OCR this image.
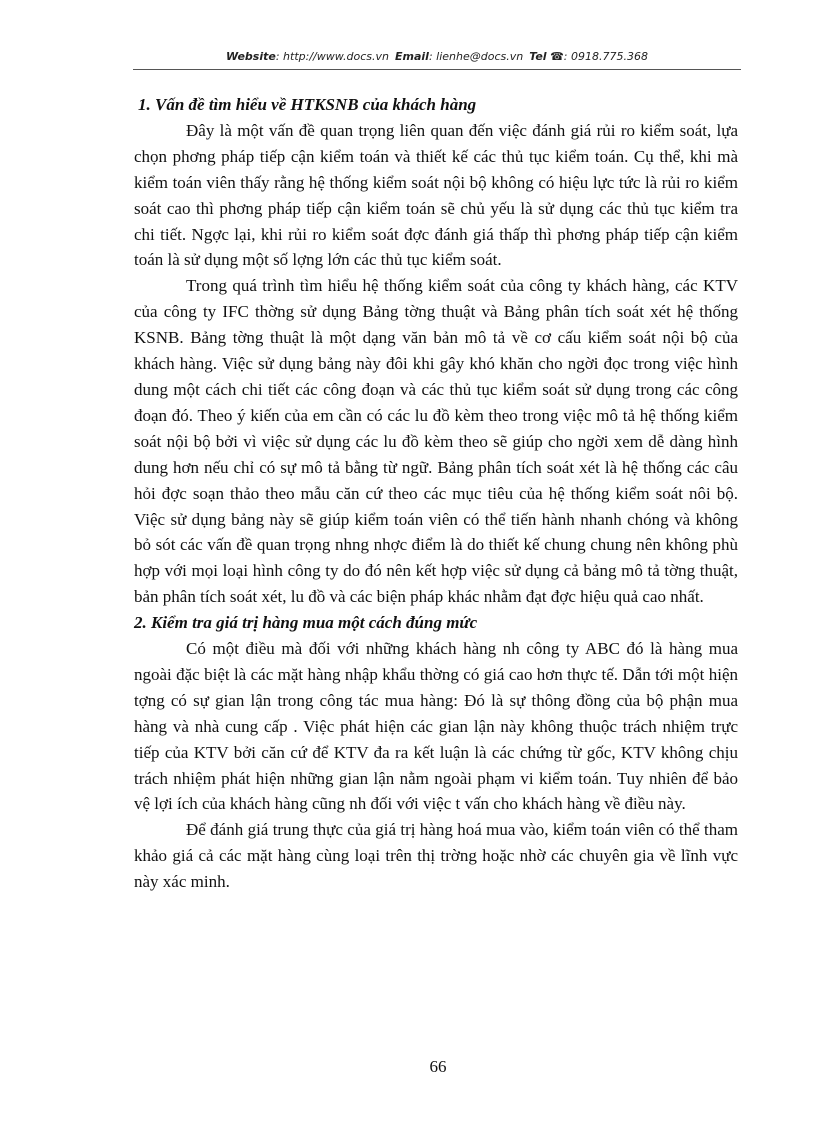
Website: http://www.docs.vn Email: lienhe@docs.vn Tel ☎: 0918.775.368
1. Vấn đề tìm hiểu về HTKSNB của khách hàng

Đây là một vấn đề quan trọng liên quan đến việc đánh giá rủi ro kiểm soát, lựa chọn phơng pháp tiếp cận kiểm toán và thiết kế các thủ tục kiểm toán. Cụ thể, khi mà kiểm toán viên thấy rằng hệ thống kiểm soát nội bộ không có hiệu lực tức là rủi ro kiểm soát cao thì phơng pháp tiếp cận kiểm toán sẽ chủ yếu là sử dụng các thủ tục kiểm tra chi tiết. Ngợc lại, khi rủi ro kiểm soát đợc đánh giá thấp thì phơng pháp tiếp cận kiểm toán là sử dụng một số lợng lớn các thủ tục kiểm soát.

Trong quá trình tìm hiểu hệ thống kiểm soát của công ty khách hàng, các KTV của công ty IFC thờng sử dụng Bảng tờng thuật và Bảng phân tích soát xét hệ thống KSNB. Bảng tờng thuật là một dạng văn bản mô tả về cơ cấu kiểm soát nội bộ của khách hàng. Việc sử dụng bảng này đôi khi gây khó khăn cho ngời đọc trong việc hình dung một cách chi tiết các công đoạn và các thủ tục kiểm soát sử dụng trong các công đoạn đó. Theo ý kiến của em cần có các lu đồ kèm theo trong việc mô tả hệ thống kiểm soát nội bộ bởi vì việc sử dụng các lu đồ kèm theo sẽ giúp cho ngời xem dễ dàng hình dung hơn nếu chỉ có sự mô tả bằng từ ngữ. Bảng phân tích soát xét là hệ thống các câu hỏi đợc soạn thảo theo mẫu căn cứ theo các mục tiêu của hệ thống kiểm soát nôi bộ. Việc sử dụng bảng này sẽ giúp kiểm toán viên có thể tiến hành nhanh chóng và không bỏ sót các vấn đề quan trọng nhng nhợc điểm là do thiết kế chung chung nên không phù hợp với mọi loại hình công ty do đó nên kết hợp việc sử dụng cả bảng mô tả tờng thuật, bản phân tích soát xét, lu đồ và các biện pháp khác nhằm đạt đợc hiệu quả cao nhất.

2. Kiểm tra giá trị hàng mua một cách đúng mức

Có một điều mà đối với những khách hàng nh công ty ABC đó là hàng mua ngoài đặc biệt là các mặt hàng nhập khẩu thờng có giá cao hơn thực tế. Dẫn tới một hiện tợng có sự gian lận trong công tác mua hàng: Đó là sự thông đồng của bộ phận mua hàng và nhà cung cấp . Việc phát hiện các gian lận này không thuộc trách nhiệm trực tiếp của KTV bởi căn cứ để KTV đa ra kết luận là các chứng từ gốc, KTV không chịu trách nhiệm phát hiện những gian lận nằm ngoài phạm vi kiểm toán. Tuy nhiên để bảo vệ lợi ích của khách hàng cũng nh đối với việc t vấn cho khách hàng về điều này.

Để đánh giá trung thực của giá trị hàng hoá mua vào, kiểm toán viên có thể tham khảo giá cả các mặt hàng cùng loại trên thị trờng hoặc nhờ các chuyên gia về lĩnh vực này xác minh.

66
